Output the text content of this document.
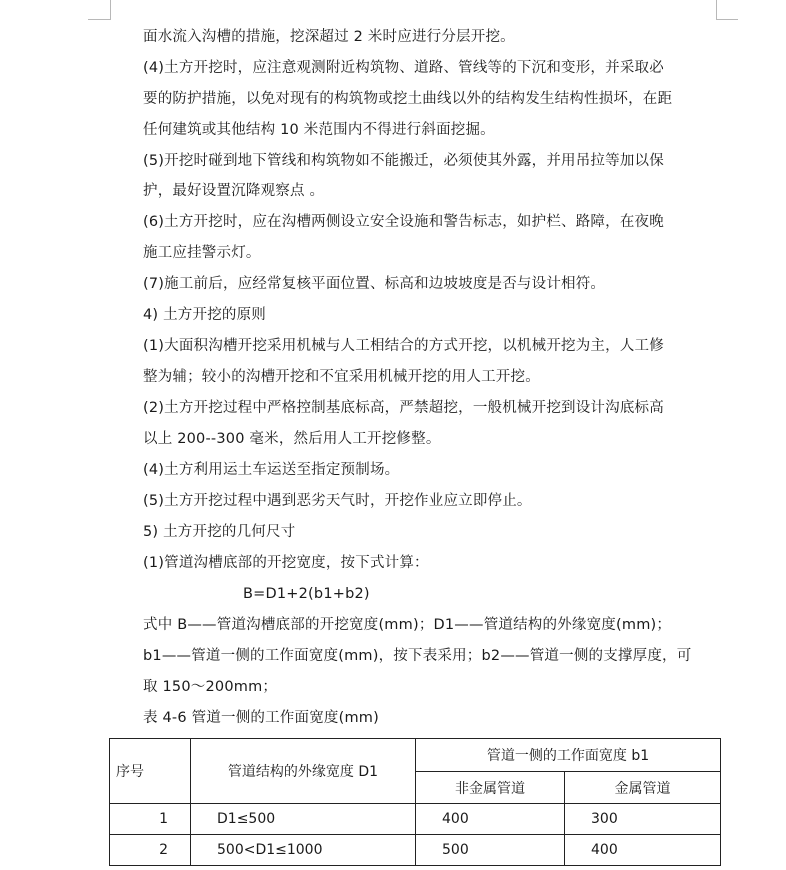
面水流入沟槽的措施，挖深超过 2 米时应进行分层开挖。
(4)土方开挖时，应注意观测附近构筑物、道路、管线等的下沉和变形，并采取必
要的防护措施，以免对现有的构筑物或挖土曲线以外的结构发生结构性损坏，在距
任何建筑或其他结构 10 米范围内不得进行斜面挖掘。
(5)开挖时碰到地下管线和构筑物如不能搬迁，必须使其外露，并用吊拉等加以保
护，最好设置沉降观察点 。
(6)土方开挖时，应在沟槽两侧设立安全设施和警告标志，如护栏、路障，在夜晚
施工应挂警示灯。
(7)施工前后，应经常复核平面位置、标高和边坡坡度是否与设计相符。
4) 土方开挖的原则
(1)大面积沟槽开挖采用机械与人工相结合的方式开挖，以机械开挖为主，人工修
整为辅；较小的沟槽开挖和不宜采用机械开挖的用人工开挖。
(2)土方开挖过程中严格控制基底标高，严禁超挖，一般机械开挖到设计沟底标高
以上 200--300 毫米，然后用人工开挖修整。
(4)土方利用运土车运送至指定预制场。
(5)土方开挖过程中遇到恶劣天气时，开挖作业应立即停止。
5) 土方开挖的几何尺寸
(1)管道沟槽底部的开挖宽度，按下式计算：
B=D1+2(b1+b2)
式中 B——管道沟槽底部的开挖宽度(mm)；D1——管道结构的外缘宽度(mm)；
b1——管道一侧的工作面宽度(mm)，按下表采用；b2——管道一侧的支撑厚度，可
取 150～200mm；
表 4-6 管道一侧的工作面宽度(mm)
序号	管道结构的外缘宽度 D1	管道一侧的工作面宽度 b1	
		非金属管道	金属管道
1	D1≤500	400	300
2	500<D1≤1000	500	400
